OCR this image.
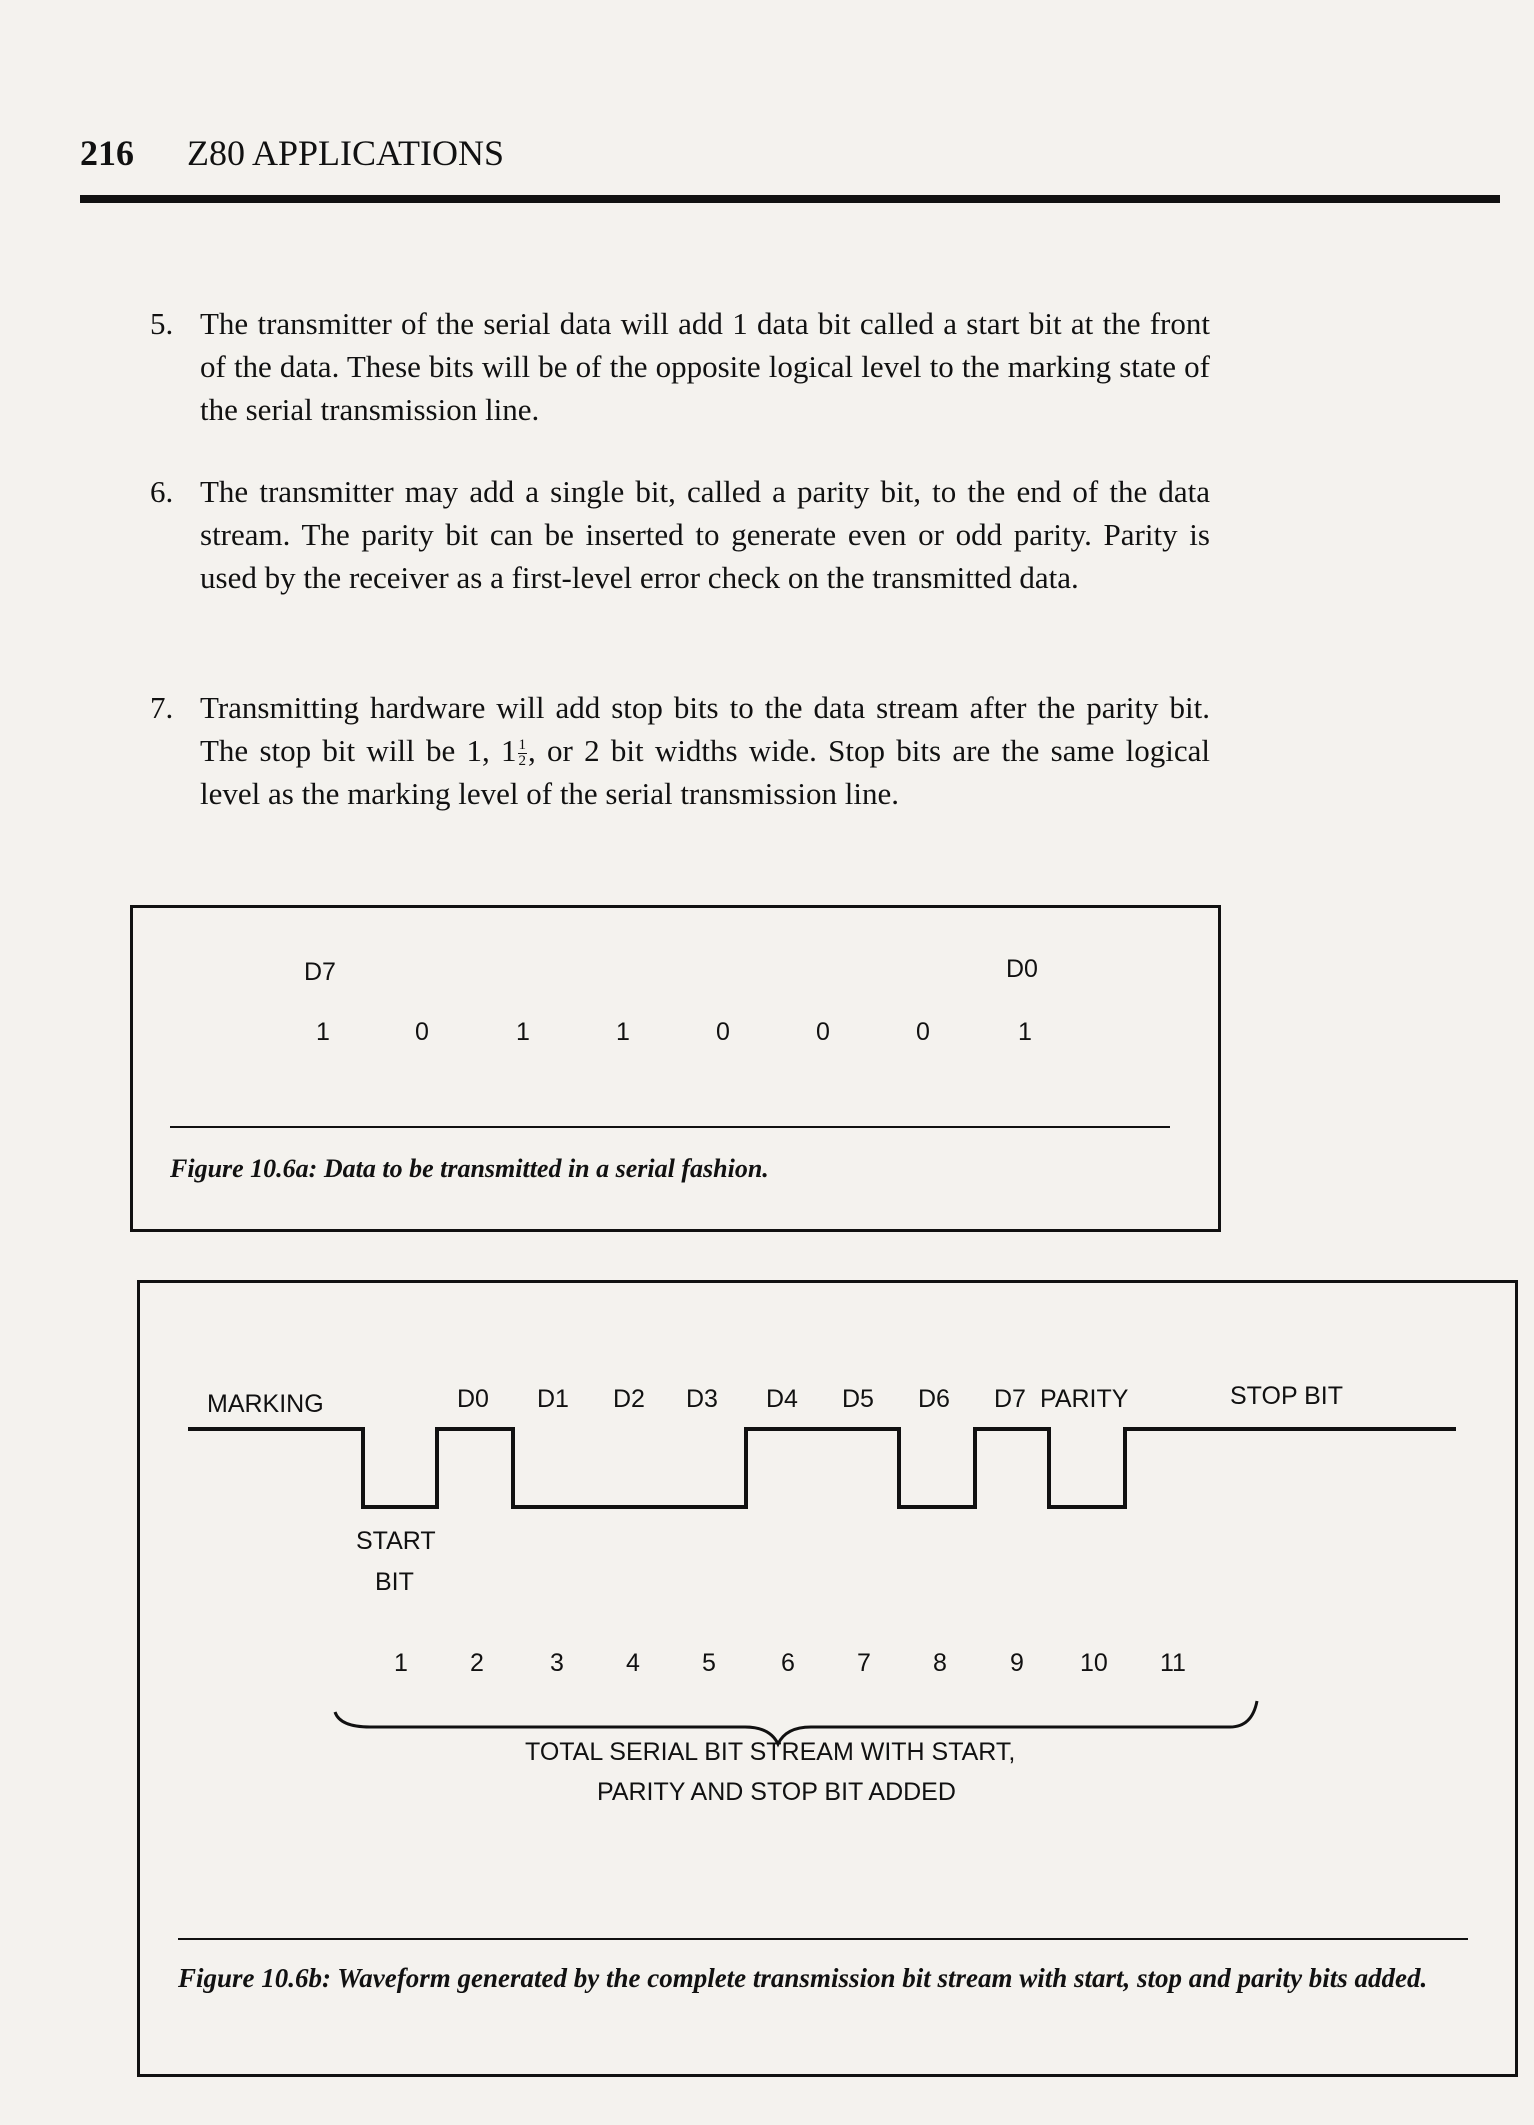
216 Z80 APPLICATIONS
5. The transmitter of the serial data will add 1 data bit called a start bit at the front of the data. These bits will be of the opposite logical level to the marking state of the serial transmission line.
6. The transmitter may add a single bit, called a parity bit, to the end of the data stream. The parity bit can be inserted to generate even or odd parity. Parity is used by the receiver as a first-level error check on the transmitted data.
7. Transmitting hardware will add stop bits to the data stream after the parity bit. The stop bit will be 1, $1 \frac{1}{2}$ , or 2 bit widths wide. Stop bits are the same logical level as the marking level of the serial transmission line.
D7	D0
1	0	1	1	0	0	0	1
Figure 10.6a: Data to be transmitted in a serial fashion.
MARKING	D0 D1 D2 D3 D4 D5 D6 D7 PARITY	STOP BIT
START
BIT
1 2	3 4 5	6 7 8	9 10 11
TOTAL SERIAL BIT STREAM WITH START,
PARITY AND STOP BIT ADDED
Figure 10.6b: Waveform generated by the complete transmission bit stream with start, stop and parity bits added.
